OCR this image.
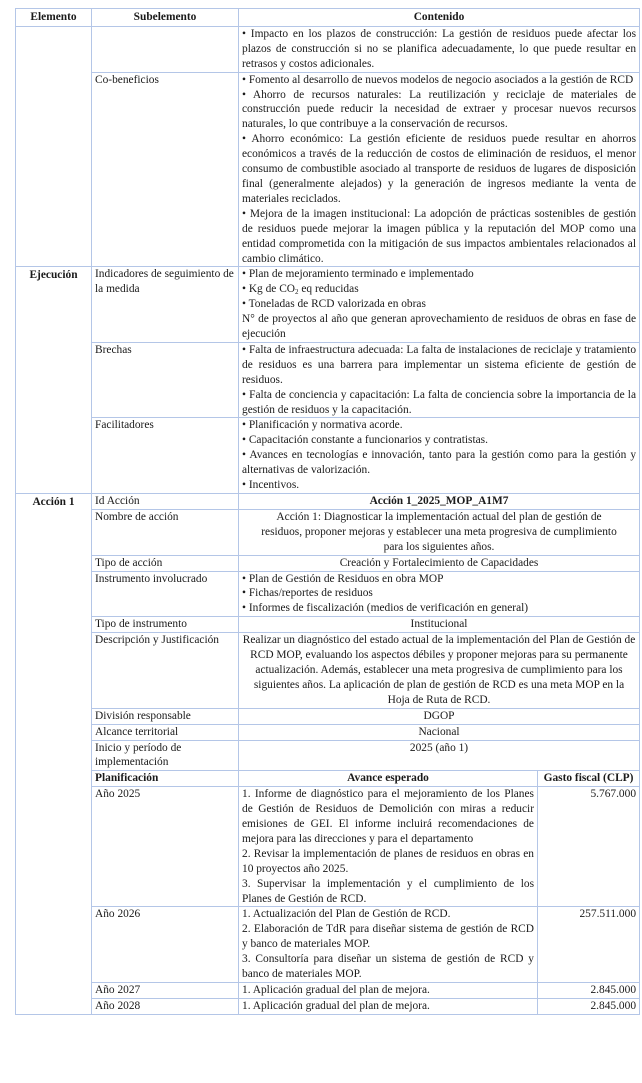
Elemento	Subelemento	Contenido	

		• Impacto en los plazos de construcción: La gestión de residuos puede afectar los plazos de construcción si no se planifica adecuadamente, lo que puede resultar en retrasos y costos adicionales.	

	Co-beneficios	• Fomento al desarrollo de nuevos modelos de negocio asociados a la gestión de RCD
• Ahorro de recursos naturales: La reutilización y reciclaje de materiales de construcción puede reducir la necesidad de extraer y procesar nuevos recursos naturales, lo que contribuye a la conservación de recursos.
• Ahorro económico: La gestión eficiente de residuos puede resultar en ahorros económicos a través de la reducción de costos de eliminación de residuos, el menor consumo de combustible asociado al transporte de residuos de lugares de disposición final (generalmente alejados) y la generación de ingresos mediante la venta de materiales reciclados.
• Mejora de la imagen institucional: La adopción de prácticas sostenibles de gestión de residuos puede mejorar la imagen pública y la reputación del MOP como una entidad comprometida con la mitigación de sus impactos ambientales relacionados al cambio climático.	

Ejecución	Indicadores de seguimiento de la medida	• Plan de mejoramiento terminado e implementado
• Kg de $CO_2$ eq reducidas
• Toneladas de RCD valorizada en obras
N° de proyectos al año que generan aprovechamiento de residuos de obras en fase de ejecución	

	Brechas	• Falta de infraestructura adecuada: La falta de instalaciones de reciclaje y tratamiento de residuos es una barrera para implementar un sistema eficiente de gestión de residuos.
• Falta de conciencia y capacitación: La falta de conciencia sobre la importancia de la gestión de residuos y la capacitación.	

	Facilitadores	• Planificación y normativa acorde.
• Capacitación constante a funcionarios y contratistas.
• Avances en tecnologías e innovación, tanto para la gestión como para la gestión y alternativas de valorización.
• Incentivos.	

Acción 1	Id Acción	Acción 1_2025_MOP_A1M7	
	Nombre de acción	Acción 1: Diagnosticar la implementación actual del plan de gestión de residuos, proponer mejoras y establecer una meta progresiva de cumplimiento para los siguientes años.	
	Tipo de acción	Creación y Fortalecimiento de Capacidades	
	Instrumento involucrado	• Plan de Gestión de Residuos en obra MOP
• Fichas/reportes de residuos
• Informes de fiscalización (medios de verificación en general)	

	Tipo de instrumento	Institucional	
	Descripción y Justificación	Realizar un diagnóstico del estado actual de la implementación del Plan de Gestión de RCD MOP, evaluando los aspectos débiles y proponer mejoras para su permanente actualización. Además, establecer una meta progresiva de cumplimiento para los siguientes años. La aplicación de plan de gestión de RCD es una meta MOP en la Hoja de Ruta de RCD.	
	División responsable	DGOP	
	Alcance territorial	Nacional	
	Inicio y período de implementación	2025 (año 1)	
	Planificación	Avance esperado	Gasto fiscal (CLP)
	Año 2025	1. Informe de diagnóstico para el mejoramiento de los Planes de Gestión de Residuos de Demolición con miras a reducir emisiones de GEI. El informe incluirá recomendaciones de mejora para las direcciones y para el departamento
2. Revisar la implementación de planes de residuos en obras en 10 proyectos año 2025.
3. Supervisar la implementación y el cumplimiento de los Planes de Gestión de RCD.	5.767.000
	Año 2026	1. Actualización del Plan de Gestión de RCD.
2. Elaboración de TdR para diseñar sistema de gestión de RCD y banco de materiales MOP.
3. Consultoría para diseñar un sistema de gestión de RCD y banco de materiales MOP.	257.511.000
	Año 2027	1. Aplicación gradual del plan de mejora.	2.845.000
	Año 2028	1. Aplicación gradual del plan de mejora.	2.845.000
